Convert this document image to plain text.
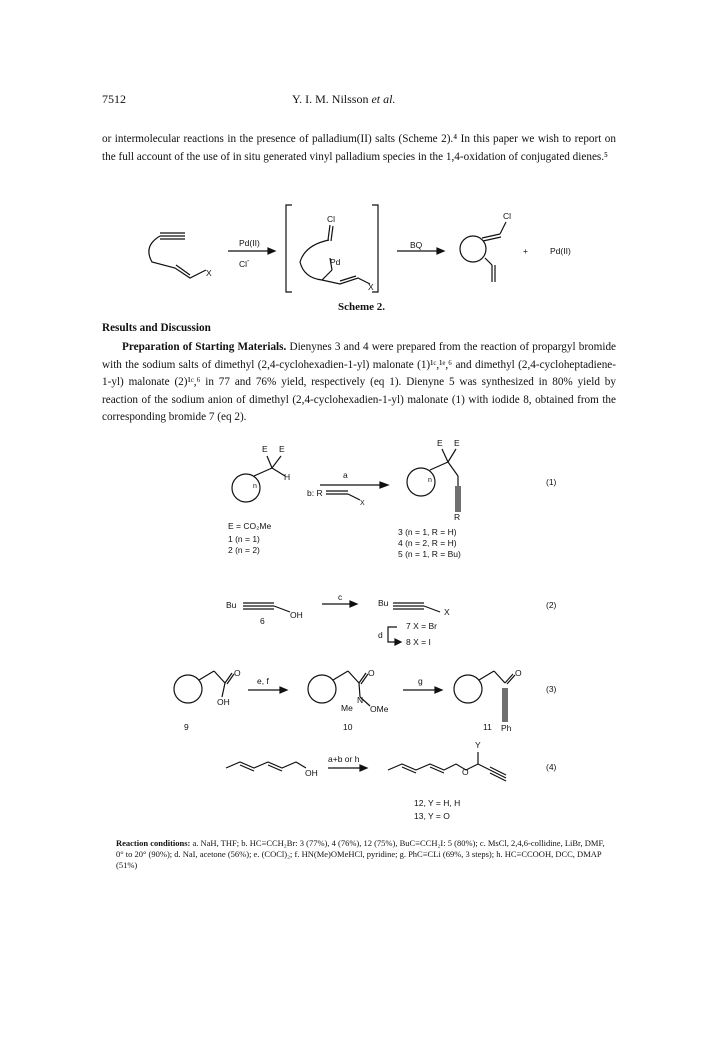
7512	Y. I. M. Nilsson et al.
or intermolecular reactions in the presence of palladium(II) salts (Scheme 2).⁴ In this paper we wish to report on the full account of the use of in situ generated vinyl palladium species in the 1,4-oxidation of conjugated dienes.⁵
Pd(II)
Cl-
X
Cl
Pd
X
BQ
Cl
+	Pd(II)
Scheme 2.
Results and Discussion
Preparation of Starting Materials. Dienynes 3 and 4 were prepared from the reaction of propargyl bromide with the sodium salts of dimethyl (2,4-cyclohexadien-1-yl) malonate (1)¹ᶜ,¹ᵉ,⁶ and dimethyl (2,4-cycloheptadiene-1-yl) malonate (2)¹ᶜ,⁶ in 77 and 76% yield, respectively (eq 1). Dienyne 5 was synthesized in 80% yield by reaction of the sodium anion of dimethyl (2,4-cyclohexadien-1-yl) malonate (1) with iodide 8, obtained from the corresponding bromide 7 (eq 2).
E E
H
n
a
b: R
X
E E
n
R
(1)
E = CO₂Me
1 (n = 1)
2 (n = 2)
3 (n = 1, R = H)
4 (n = 2, R = H)
5 (n = 1, R = Bu)
Bu
OH
c
6
Bu
X
d
7 X = Br
8 X = I
(2)
O
OH
e, f
9
O
N
Me OMe
10
g
O
11 Ph
(3)
OH
a+b or h
Y
O
12, Y = H, H
13, Y = O
(4)
Reaction conditions: a. NaH, THF; b. HC≡CCH₂Br: 3 (77%), 4 (76%), 12 (75%), BuC≡CCH₂I: 5 (80%); c. MsCl, 2,4,6-collidine, LiBr, DMF, 0° to 20° (90%); d. NaI, acetone (56%); e. (COCl)₂; f. HN(Me)OMeHCl, pyridine; g. PhC≡CLi (69%, 3 steps); h. HC≡CCOOH, DCC, DMAP (51%)
